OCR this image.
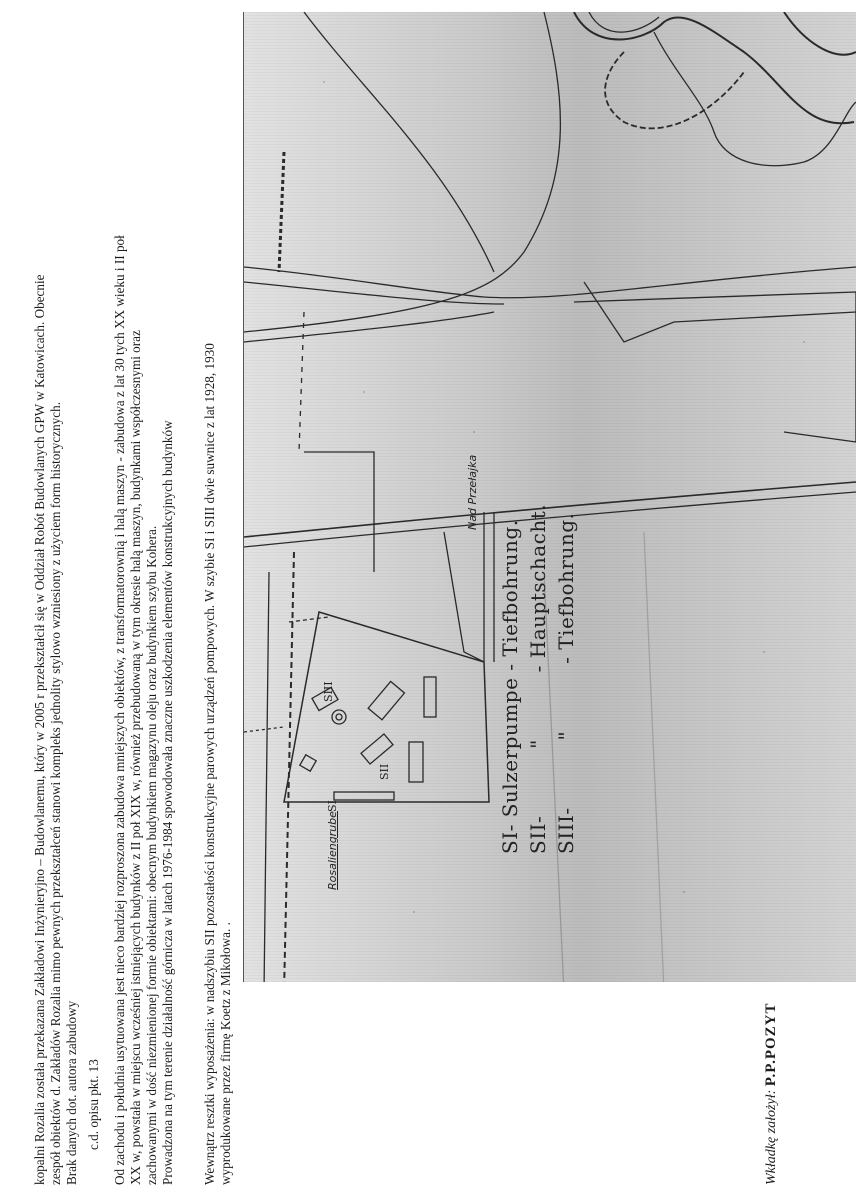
kopalni Rozalia została przekazana Zakładowi Inżynieryjno – Budowlanemu, który w 2005 r przekształcił się w Oddział Robót Budowlanych GPW w Katowicach. Obecnie zespół obiektów d. Zakładów Rozalia mimo pewnych przekształceń stanowi kompleks jednolity stylowo wzniesiony z użyciem form historycznych. Brak danych dot. autora zabudowy c.d. opisu pkt. 13 Od zachodu i południa usytuowana jest nieco bardziej rozproszona zabudowa mniejszych obiektów, z transformatorownią i halą maszyn - zabudowa z lat 30 tych XX wieku i II poł XX w, powstała w miejscu wcześniej istniejących budynków z II poł XIX w, również przebudowaną w tym okresie halą maszyn, budynkami współczesnymi oraz zachowanymi w dość niezmienionej formie obiektami: obecnym budynkiem magazynu oleju oraz budynkiem szybu Kohera. Prowadzona na tym terenie działalność górnicza w latach 1976-1984 spowodowała znaczne uszkodzenia elementów konstrukcyjnych budynków Wewnątrz resztki wyposażenia: w nadszybiu SII pozostałości konstrukcyjne parowych urządzeń pompowych. W szybie SI i SIII dwie suwnice z lat 1928, 1930 wyprodukowane przez firmę Koetz z Mikołowa. .

Nad Przełajka
Rosaliengrube
SIII
SII
SI
SI- Sulzerpumpe - Tiefbohrung.
SII- " - Hauptschacht.
SIII- " - Tiefbohrung.
Wkładkę założył: P.P.POZYT
